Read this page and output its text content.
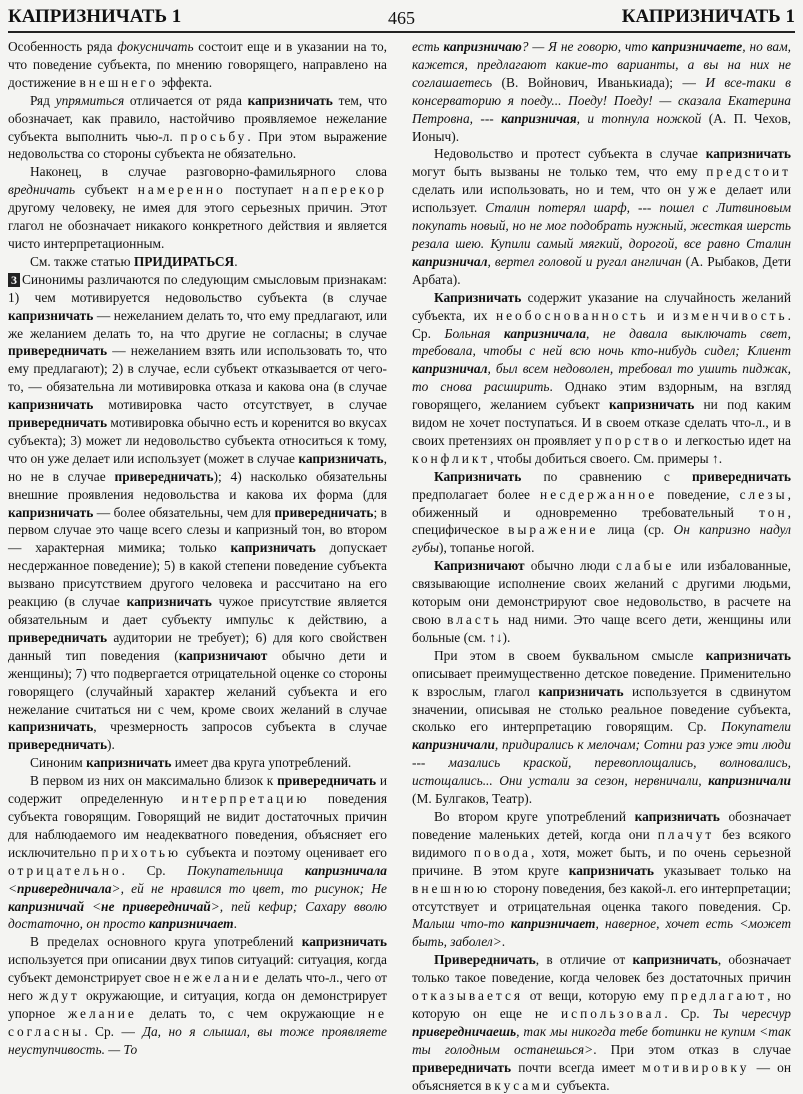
КАПРИЗНИЧАТЬ 1	465	КАПРИЗНИЧАТЬ 1

Особенность ряда фокусничать состоит еще и в указании на то, что поведение субъекта, по мнению говорящего, направлено на достижение внешнего эффекта.

Ряд упрямиться отличается от ряда капризничать тем, что обозначает, как правило, настойчиво проявляемое нежелание субъекта выполнить чью-л. просьбу. При этом выражение недовольства со стороны субъекта не обязательно.

Наконец, в случае разговорно-фамильярного слова вредничать субъект намеренно поступает наперекор другому человеку, не имея для этого серьезных причин. Этот глагол не обозначает никакого конкретного действия и является чисто интерпретационным.

См. также статью ПРИДИРАТЬСЯ.

3 Синонимы различаются по следующим смысловым признакам: 1) чем мотивируется недовольство субъекта (в случае капризничать — нежеланием делать то, что ему предлагают, или же желанием делать то, на что другие не согласны; в случае привередничать — нежеланием взять или использовать то, что ему предлагают); 2) в случае, если субъект отказывается от чего-то, — обязательна ли мотивировка отказа и какова она (в случае капризничать мотивировка часто отсутствует, в случае привередничать мотивировка обычно есть и коренится во вкусах субъекта); 3) может ли недовольство субъекта относиться к тому, что он уже делает или использует (может в случае капризничать, но не в случае привередничать); 4) насколько обязательны внешние проявления недовольства и какова их форма (для капризничать — более обязательны, чем для привередничать; в первом случае это чаще всего слезы и капризный тон, во втором — характерная мимика; только капризничать допускает несдержанное поведение); 5) в какой степени поведение субъекта вызвано присутствием другого человека и рассчитано на его реакцию (в случае капризничать чужое присутствие является обязательным и дает субъекту импульс к действию, а привередничать аудитории не требует); 6) для кого свойствен данный тип поведения (капризничают обычно дети и женщины); 7) что подвергается отрицательной оценке со стороны говорящего (случайный характер желаний субъекта и его нежелание считаться ни с чем, кроме своих желаний в случае капризничать, чрезмерность запросов субъекта в случае привередничать).

Синоним капризничать имеет два круга употреблений.

В первом из них он максимально близок к привередничать и содержит определенную интерпретацию поведения субъекта говорящим. Говорящий не видит достаточных причин для наблюдаемого им неадекватного поведения, объясняет его исключительно прихотью субъекта и поэтому оценивает его отрицательно. Ср. Покупательница капризничала <привередничала>, ей не нравился то цвет, то рисунок; Не капризничай <не привередничай>, пей кефир; Сахару вволю достаточно, он просто капризничает.

В пределах основного круга употреблений капризничать используется при описании двух типов ситуаций: ситуация, когда субъект демонстрирует свое нежелание делать что-л., чего от него ждут окружающие, и ситуация, когда он демонстрирует упорное желание делать то, с чем окружающие не согласны. Ср. — Да, но я слышал, вы тоже проявляете неуступчивость. — То

есть капризничаю? — Я не говорю, что капризничаете, но вам, кажется, предлагают какие-то варианты, а вы на них не соглашаетесь (В. Войнович, Иванькиада); — И все-таки в консерваторию я поеду... Поеду! Поеду! — сказала Екатерина Петровна, --- капризничая, и топнула ножкой (А. П. Чехов, Ионыч).

Недовольство и протест субъекта в случае капризничать могут быть вызваны не только тем, что ему предстоит сделать или использовать, но и тем, что он уже делает или использует. Сталин потерял шарф, --- пошел с Литвиновым покупать новый, но не мог подобрать нужный, жесткая шерсть резала шею. Купили самый мягкий, дорогой, все равно Сталин капризничал, вертел головой и ругал англичан (А. Рыбаков, Дети Арбата).

Капризничать содержит указание на случайность желаний субъекта, их необоснованность и изменчивость. Ср. Больная капризничала, не давала выключать свет, требовала, чтобы с ней всю ночь кто-нибудь сидел; Клиент капризничал, был всем недоволен, требовал то ушить пиджак, то снова расширить. Однако этим вздорным, на взгляд говорящего, желанием субъект капризничать ни под каким видом не хочет поступаться. И в своем отказе сделать что-л., и в своих претензиях он проявляет упорство и легкостью идет на конфликт, чтобы добиться своего. См. примеры ↑.

Капризничать по сравнению с привередничать предполагает более несдержанное поведение, слезы, обиженный и одновременно требовательный тон, специфическое выражение лица (ср. Он капризно надул губы), топанье ногой.

Капризничают обычно люди слабые или избалованные, связывающие исполнение своих желаний с другими людьми, которым они демонстрируют свое недовольство, в расчете на свою власть над ними. Это чаще всего дети, женщины или больные (см. ↑↓).

При этом в своем буквальном смысле капризничать описывает преимущественно детское поведение. Применительно к взрослым, глагол капризничать используется в сдвинутом значении, описывая не столько реальное поведение субъекта, сколько его интерпретацию говорящим. Ср. Покупатели капризничали, придирались к мелочам; Сотни раз уже эти люди --- мазались краской, перевоплощались, волновались, истощались... Они устали за сезон, нервничали, капризничали (М. Булгаков, Театр).

Во втором круге употреблений капризничать обозначает поведение маленьких детей, когда они плачут без всякого видимого повода, хотя, может быть, и по очень серьезной причине. В этом круге капризничать указывает только на внешнюю сторону поведения, без какой-л. его интерпретации; отсутствует и отрицательная оценка такого поведения. Ср. Малыш что-то капризничает, наверное, хочет есть <может быть, заболел>.

Привередничать, в отличие от капризничать, обозначает только такое поведение, когда человек без достаточных причин отказывается от вещи, которую ему предлагают, но которую он еще не использовал. Ср. Ты чересчур привередничаешь, так мы никогда тебе ботинки не купим <так ты голодным останешься>. При этом отказ в случае привередничать почти всегда имеет мотивировку — он объясняется вкусами субъекта.
